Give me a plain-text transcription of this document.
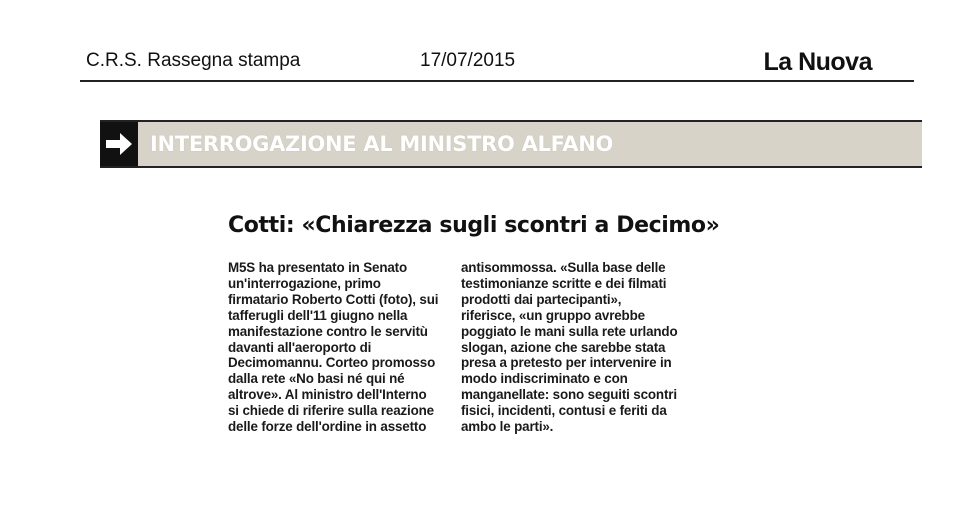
C.R.S. Rassegna stampa	17/07/2015	La Nuova
INTERROGAZIONE AL MINISTRO ALFANO
Cotti: «Chiarezza sugli scontri a Decimo»
M5S ha presentato in Senato
un'interrogazione, primo
firmatario Roberto Cotti (foto), sui
tafferugli dell'11 giugno nella
manifestazione contro le servitù
davanti all'aeroporto di
Decimomannu. Corteo promosso
dalla rete «No basi né qui né
altrove». Al ministro dell'Interno
si chiede di riferire sulla reazione
delle forze dell'ordine in assetto
antisommossa. «Sulla base delle
testimonianze scritte e dei filmati
prodotti dai partecipanti»,
riferisce, «un gruppo avrebbe
poggiato le mani sulla rete urlando
slogan, azione che sarebbe stata
presa a pretesto per intervenire in
modo indiscriminato e con
manganellate: sono seguiti scontri
fisici, incidenti, contusi e feriti da
ambo le parti».
